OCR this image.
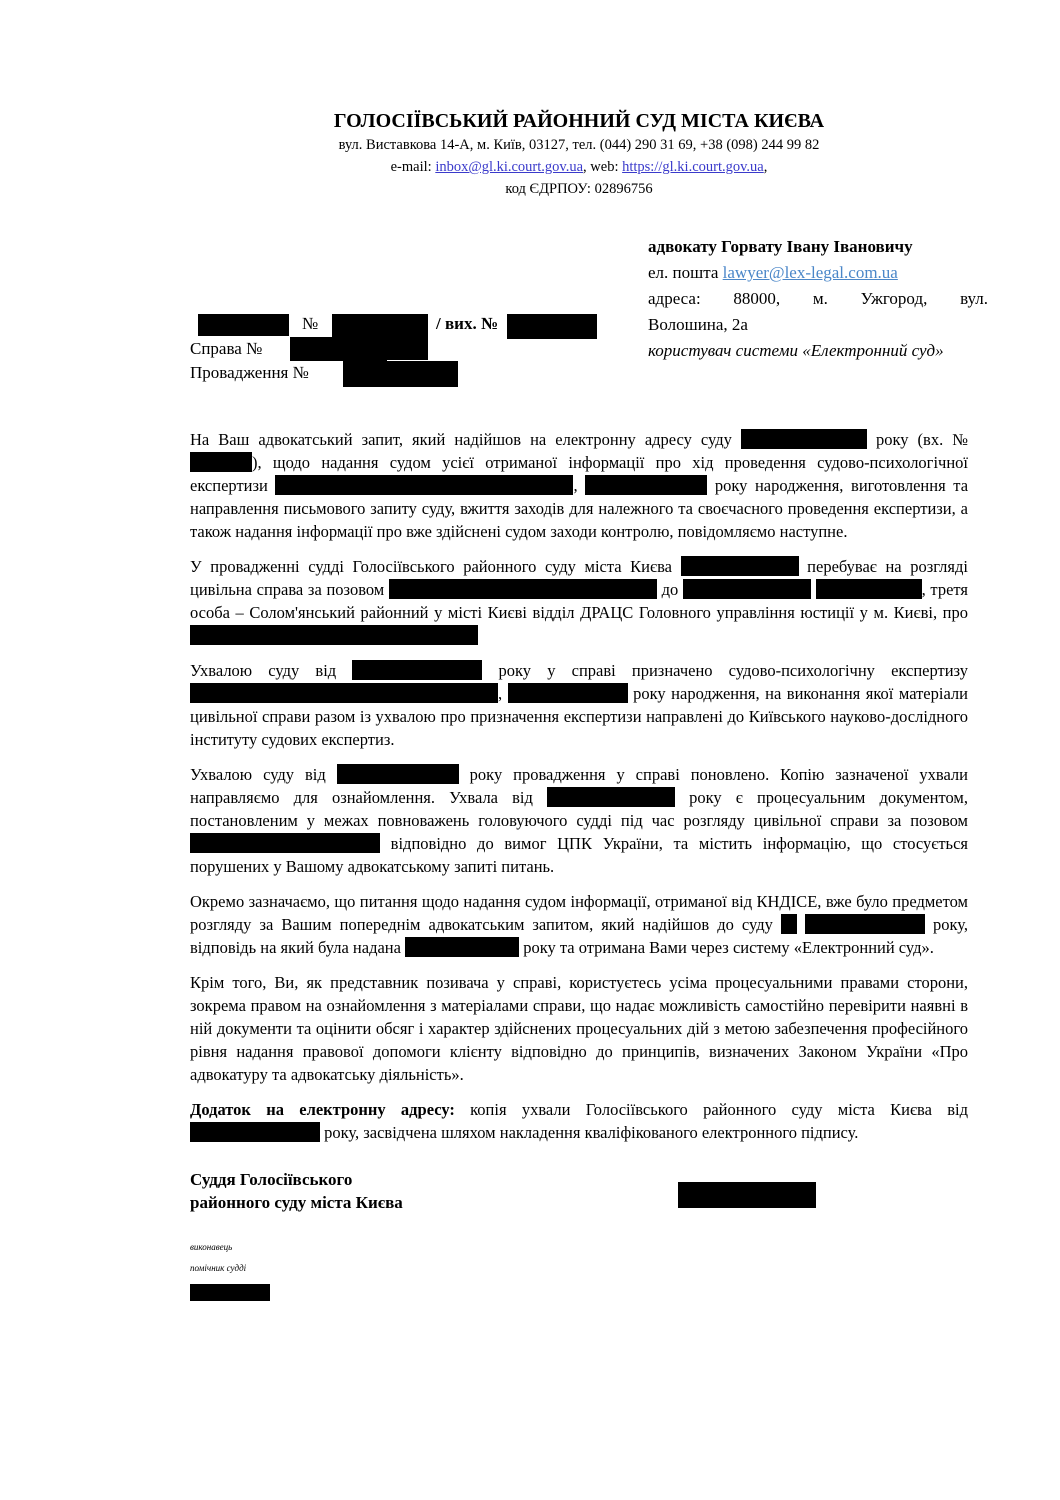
ГОЛОСІЇВСЬКИЙ РАЙОННИЙ СУД МІСТА КИЄВА
вул. Виставкова 14-А, м. Київ, 03127, тел. (044) 290 31 69, +38 (098) 244 99 82
e-mail: inbox@gl.ki.court.gov.ua, web: https://gl.ki.court.gov.ua,
код ЄДРПОУ: 02896756
адвокату Горвату Івану Івановичу
ел. пошта lawyer@lex-legal.com.ua
адреса: 88000, м. Ужгород, вул.
Волошина, 2а
користувач системи «Електронний суд»
№	/ вих. №
Справа №
Провадження №

На Ваш адвокатський запит, який надійшов на електронну адресу суду	року (вх. № ), щодо надання судом усієї отриманої інформації про хід проведення судово-психологічної експертизи	,	року народження, виготовлення та направлення письмового запиту суду, вжиття заходів для належного та своєчасного проведення експертизи, а також надання інформації про вже здійснені судом заходи контролю, повідомляємо наступне.

У провадженні судді Голосіївського районного суду міста Києва	перебуває на розгляді цивільна справа за позовом	до	, третя особа – Солом'янський районний у місті Києві відділ ДРАЦС Головного управління юстиції у м. Києві, про

Ухвалою суду від	року у справі призначено судово-психологічну експертизу ,	року народження, на виконання якої матеріали цивільної справи разом із ухвалою про призначення експертизи направлені до Київського науково-дослідного інституту судових експертиз.

Ухвалою суду від	року провадження у справі поновлено. Копію зазначеної ухвали направляємо для ознайомлення. Ухвала від	року є процесуальним документом, постановленим у межах повноважень головуючого судді під час розгляду цивільної справи за позовом  відповідно до вимог ЦПК України, та містить інформацію, що стосується порушених у Вашому адвокатському запиті питань.

Окремо зазначаємо, що питання щодо надання судом інформації, отриманої від КНДІСЕ, вже було предметом розгляду за Вашим попереднім адвокатським запитом, який надійшов до суду	року, відповідь на який була надана	року та отримана Вами через систему «Електронний суд».

Крім того, Ви, як представник позивача у справі, користуєтесь усіма процесуальними правами сторони, зокрема правом на ознайомлення з матеріалами справи, що надає можливість самостійно перевірити наявні в ній документи та оцінити обсяг і характер здійснених процесуальних дій з метою забезпечення професійного рівня надання правової допомоги клієнту відповідно до принципів, визначених Законом України «Про адвокатуру та адвокатську діяльність».

Додаток на електронну адресу: копія ухвали Голосіївського районного суду міста Києва від  року, засвідчена шляхом накладення кваліфікованого електронного підпису.

Суддя Голосіївського
районного суду міста Києва
виконавець
помічник судді
